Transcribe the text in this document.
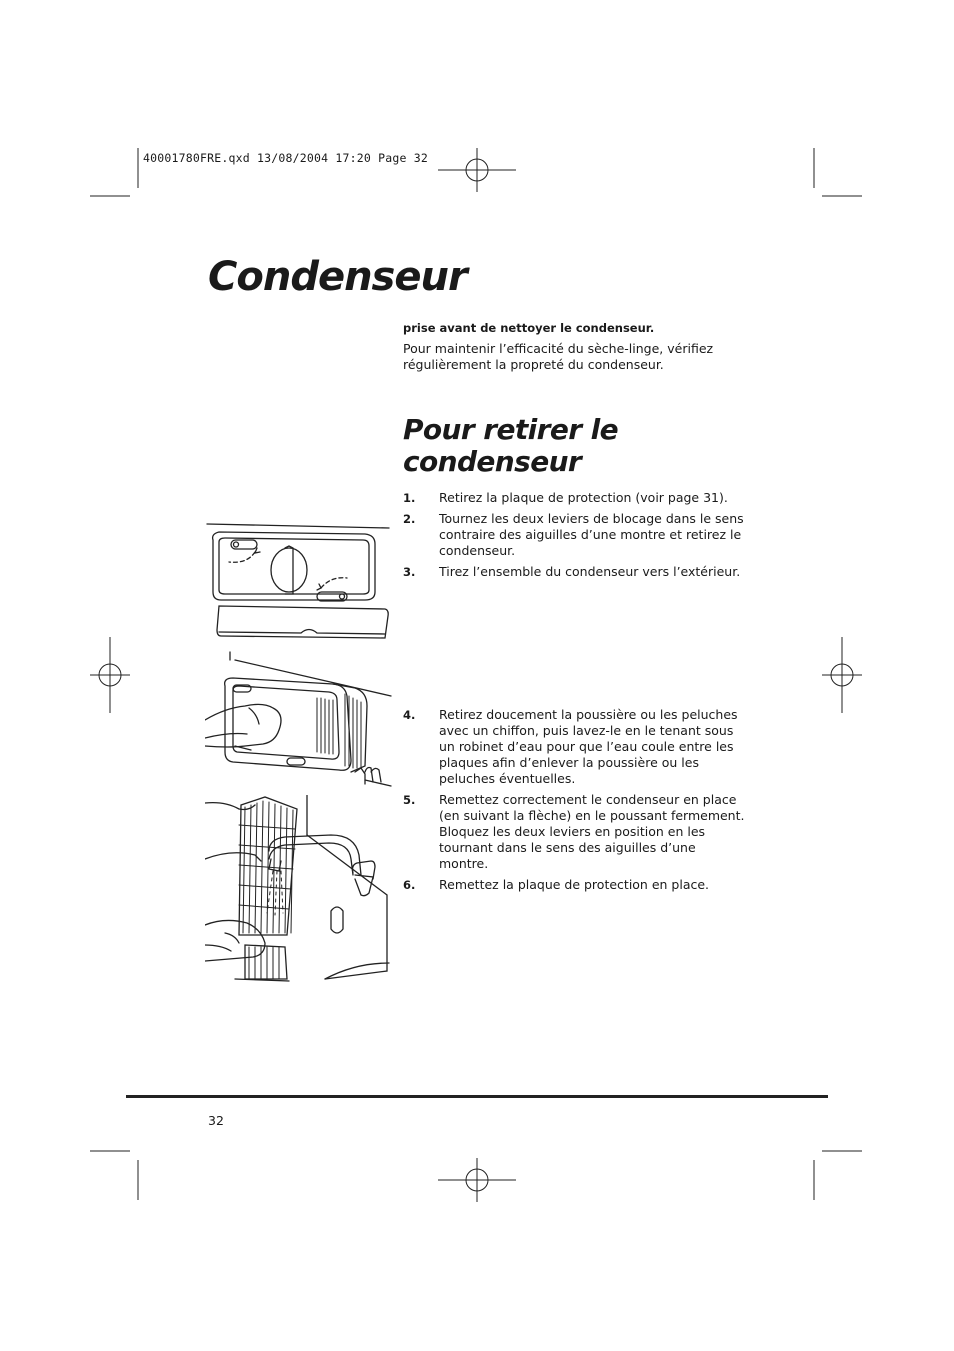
40001780FRE.qxd 13/08/2004 17:20 Page 32
Condenseur

prise avant de nettoyer le condenseur.

Pour maintenir l’efficacité du sèche-linge, vérifiez régulièrement la propreté du condenseur.

Pour retirer le condenseur
1. Retirez la plaque de protection (voir page 31).
2. Tournez les deux leviers de blocage dans le sens contraire des aiguilles d’une montre et retirez le condenseur.
3. Tirez l’ensemble du condenseur vers l’extérieur.
4. Retirez doucement la poussière ou les peluches avec un chiffon, puis lavez-le en le tenant sous un robinet d’eau pour que l’eau coule entre les plaques afin d’enlever la poussière ou les peluches éventuelles.
5. Remettez correctement le condenseur en place (en suivant la flèche) en le poussant fermement. Bloquez les deux leviers en position en les tournant dans le sens des aiguilles d’une montre.
6. Remettez la plaque de protection en place.

32
